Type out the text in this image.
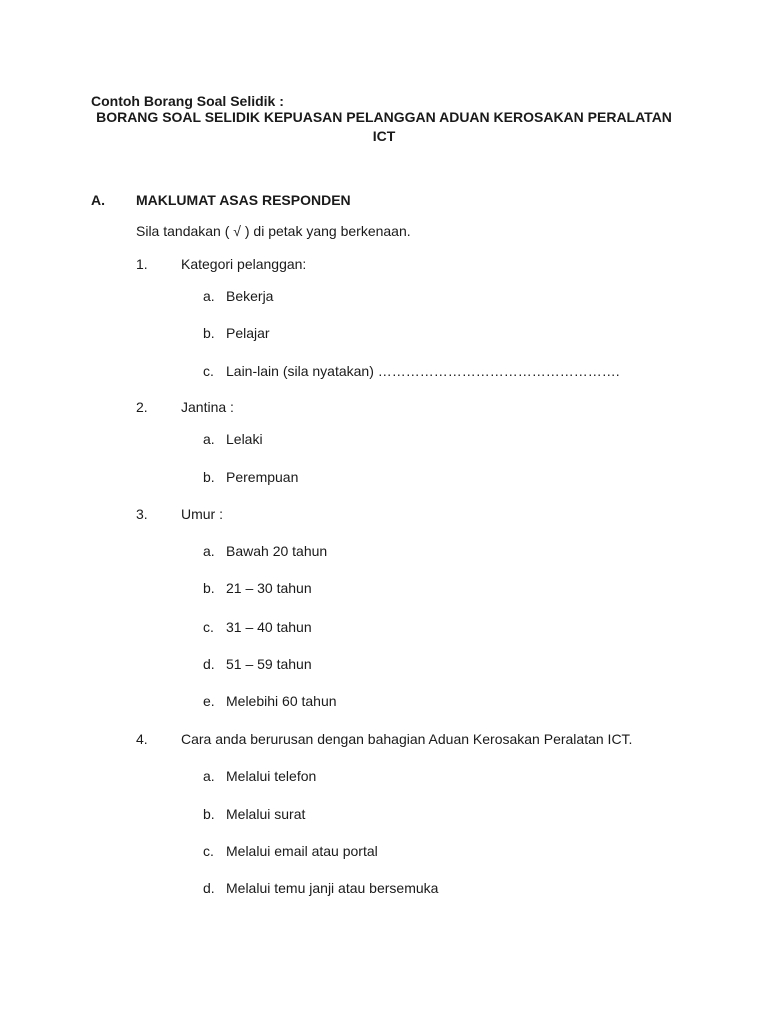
Contoh Borang Soal Selidik :
BORANG SOAL SELIDIK KEPUASAN PELANGGAN ADUAN KEROSAKAN PERALATAN
ICT
A. MAKLUMAT ASAS RESPONDEN
Sila tandakan ( √ ) di petak yang berkenaan.
1. Kategori pelanggan:
a. Bekerja
b. Pelajar
c. Lain-lain (sila nyatakan) …………………………………………….
2. Jantina :
a. Lelaki
b. Perempuan
3. Umur :
a. Bawah 20 tahun
b. 21 – 30 tahun
c. 31 – 40 tahun
d. 51 – 59 tahun
e. Melebihi 60 tahun
4. Cara anda berurusan dengan bahagian Aduan Kerosakan Peralatan ICT.
a. Melalui telefon
b. Melalui surat
c. Melalui email atau portal
d. Melalui temu janji atau bersemuka
